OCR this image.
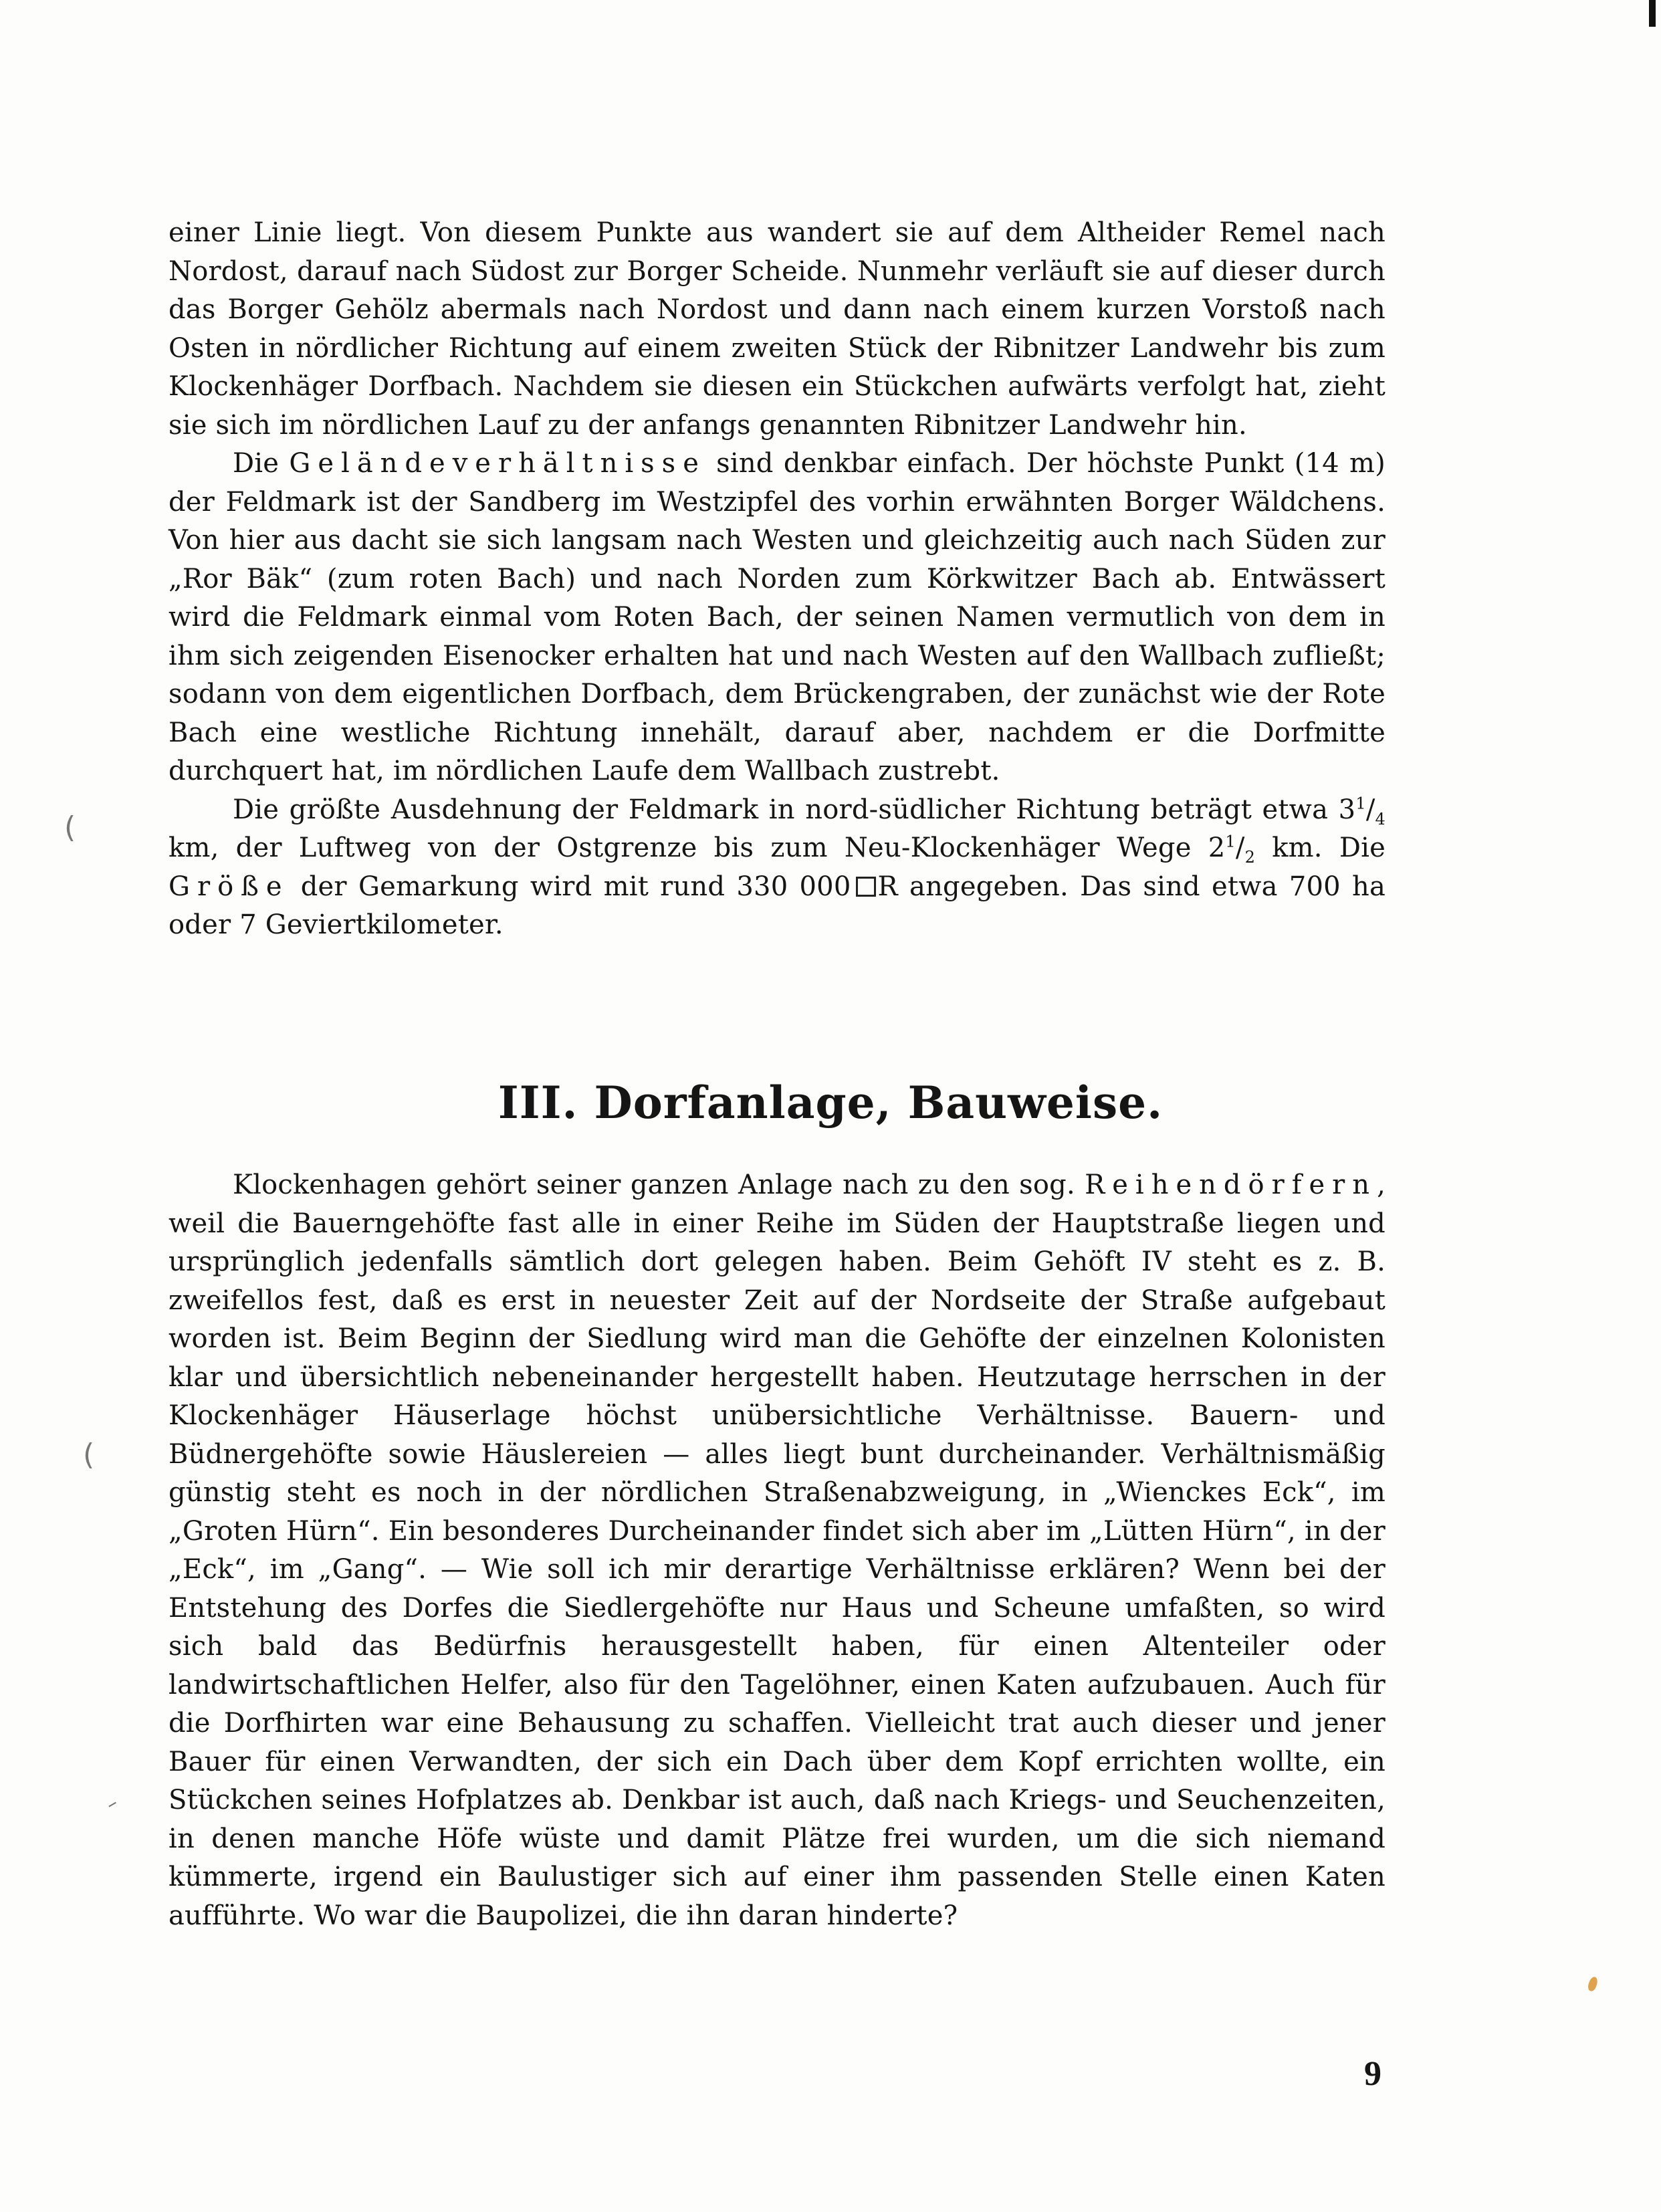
einer Linie liegt. Von diesem Punkte aus wandert sie auf dem Altheider Remel nach Nordost, darauf nach Südost zur Borger Scheide. Nunmehr verläuft sie auf dieser durch das Borger Gehölz abermals nach Nordost und dann nach einem kurzen Vorstoß nach Osten in nördlicher Richtung auf einem zweiten Stück der Ribnitzer Landwehr bis zum Klockenhäger Dorfbach. Nachdem sie diesen ein Stückchen aufwärts verfolgt hat, zieht sie sich im nördlichen Lauf zu der anfangs genannten Ribnitzer Landwehr hin.

Die Geländeverhältnisse sind denkbar einfach. Der höchste Punkt (14 m) der Feldmark ist der Sandberg im Westzipfel des vorhin erwähnten Borger Wäldchens. Von hier aus dacht sie sich langsam nach Westen und gleichzeitig auch nach Süden zur „Ror Bäk“ (zum roten Bach) und nach Norden zum Körkwitzer Bach ab. Entwässert wird die Feldmark einmal vom Roten Bach, der seinen Namen vermutlich von dem in ihm sich zeigenden Eisenocker erhalten hat und nach Westen auf den Wallbach zufließt; sodann von dem eigentlichen Dorfbach, dem Brückengraben, der zunächst wie der Rote Bach eine westliche Richtung innehält, darauf aber, nachdem er die Dorfmitte durchquert hat, im nördlichen Laufe dem Wallbach zustrebt.

Die größte Ausdehnung der Feldmark in nord-südlicher Richtung beträgt etwa $3^1/_4$ km, der Luftweg von der Ostgrenze bis zum Neu-Klockenhäger Wege $2^1/_2$ km. Die Größe der Gemarkung wird mit rund 330 000 R angegeben. Das sind etwa 700 ha oder 7 Geviertkilometer.

III. Dorfanlage, Bauweise.

Klockenhagen gehört seiner ganzen Anlage nach zu den sog. Reihendörfern, weil die Bauerngehöfte fast alle in einer Reihe im Süden der Hauptstraße liegen und ursprünglich jedenfalls sämtlich dort gelegen haben. Beim Gehöft IV steht es z. B. zweifellos fest, daß es erst in neuester Zeit auf der Nordseite der Straße aufgebaut worden ist. Beim Beginn der Siedlung wird man die Gehöfte der einzelnen Kolonisten klar und übersichtlich nebeneinander hergestellt haben. Heutzutage herrschen in der Klockenhäger Häuserlage höchst unübersichtliche Verhältnisse. Bauern- und Büdnergehöfte sowie Häuslereien — alles liegt bunt durcheinander. Verhältnismäßig günstig steht es noch in der nördlichen Straßenabzweigung, in „Wienckes Eck“, im „Groten Hürn“. Ein besonderes Durcheinander findet sich aber im „Lütten Hürn“, in der „Eck“, im „Gang“. — Wie soll ich mir derartige Verhältnisse erklären? Wenn bei der Entstehung des Dorfes die Siedlergehöfte nur Haus und Scheune umfaßten, so wird sich bald das Bedürfnis herausgestellt haben, für einen Altenteiler oder landwirtschaftlichen Helfer, also für den Tagelöhner, einen Katen aufzubauen. Auch für die Dorfhirten war eine Behausung zu schaffen. Vielleicht trat auch dieser und jener Bauer für einen Verwandten, der sich ein Dach über dem Kopf errichten wollte, ein Stückchen seines Hofplatzes ab. Denkbar ist auch, daß nach Kriegs- und Seuchenzeiten, in denen manche Höfe wüste und damit Plätze frei wurden, um die sich niemand kümmerte, irgend ein Baulustiger sich auf einer ihm passenden Stelle einen Katen aufführte. Wo war die Baupolizei, die ihn daran hinderte?

9
(
(
–
